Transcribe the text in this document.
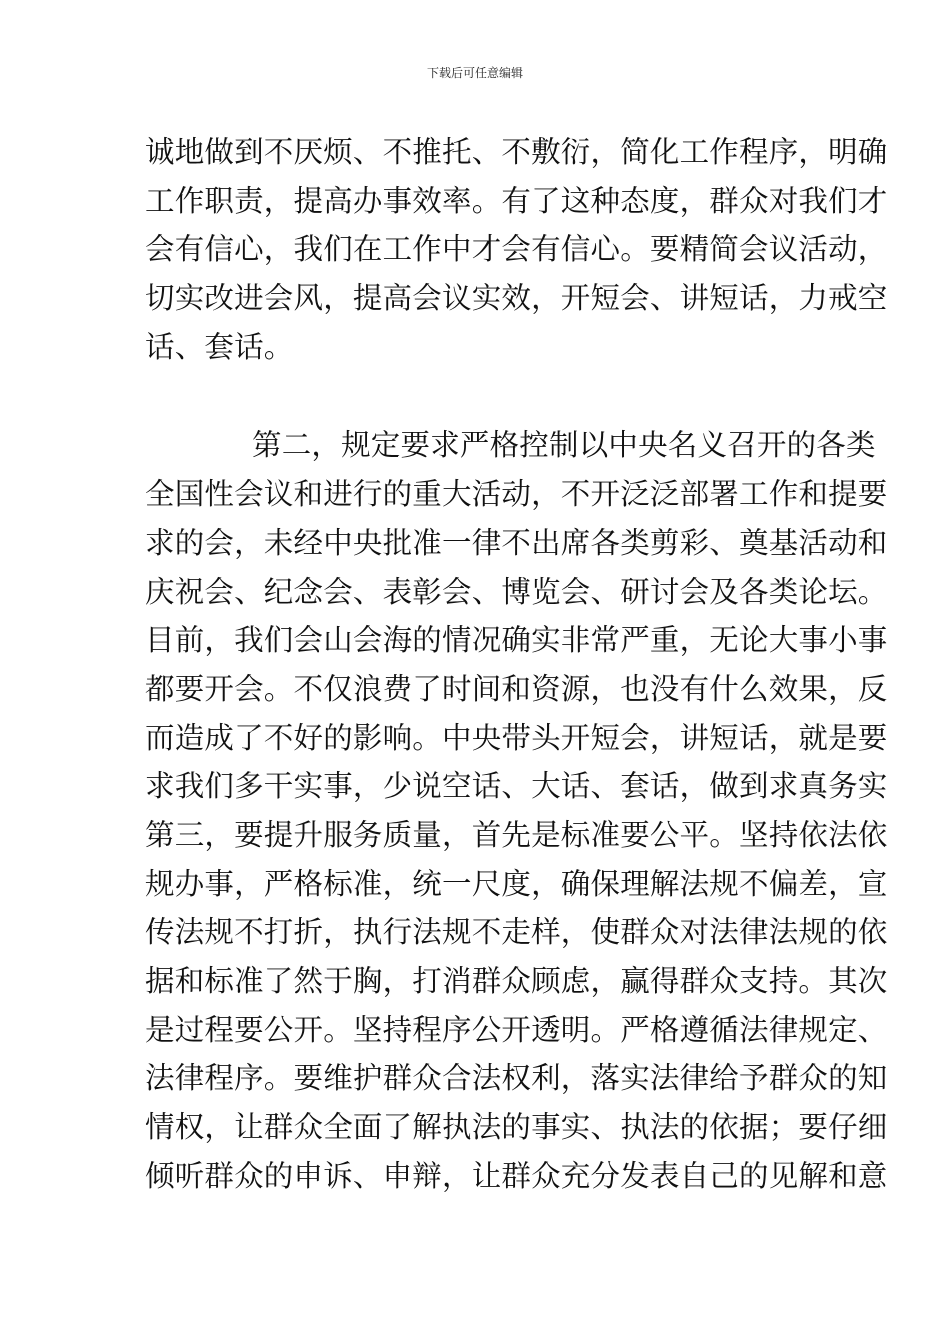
下载后可任意编辑
诚地做到不厌烦、不推托、不敷衍，简化工作程序，明确
工作职责，提高办事效率。有了这种态度，群众对我们才
会有信心，我们在工作中才会有信心。要精简会议活动，
切实改进会风，提高会议实效，开短会、讲短话，力戒空
话、套话。
第二，规定要求严格控制以中央名义召开的各类
全国性会议和进行的重大活动，不开泛泛部署工作和提要
求的会，未经中央批准一律不出席各类剪彩、奠基活动和
庆祝会、纪念会、表彰会、博览会、研讨会及各类论坛。
目前，我们会山会海的情况确实非常严重，无论大事小事
都要开会。不仅浪费了时间和资源，也没有什么效果，反
而造成了不好的影响。中央带头开短会，讲短话，就是要
求我们多干实事，少说空话、大话、套话，做到求真务实
第三，要提升服务质量，首先是标准要公平。坚持依法依
规办事，严格标准，统一尺度，确保理解法规不偏差，宣
传法规不打折，执行法规不走样，使群众对法律法规的依
据和标准了然于胸，打消群众顾虑，赢得群众支持。其次
是过程要公开。坚持程序公开透明。严格遵循法律规定、
法律程序。要维护群众合法权利，落实法律给予群众的知
情权，让群众全面了解执法的事实、执法的依据；要仔细
倾听群众的申诉、申辩，让群众充分发表自己的见解和意
